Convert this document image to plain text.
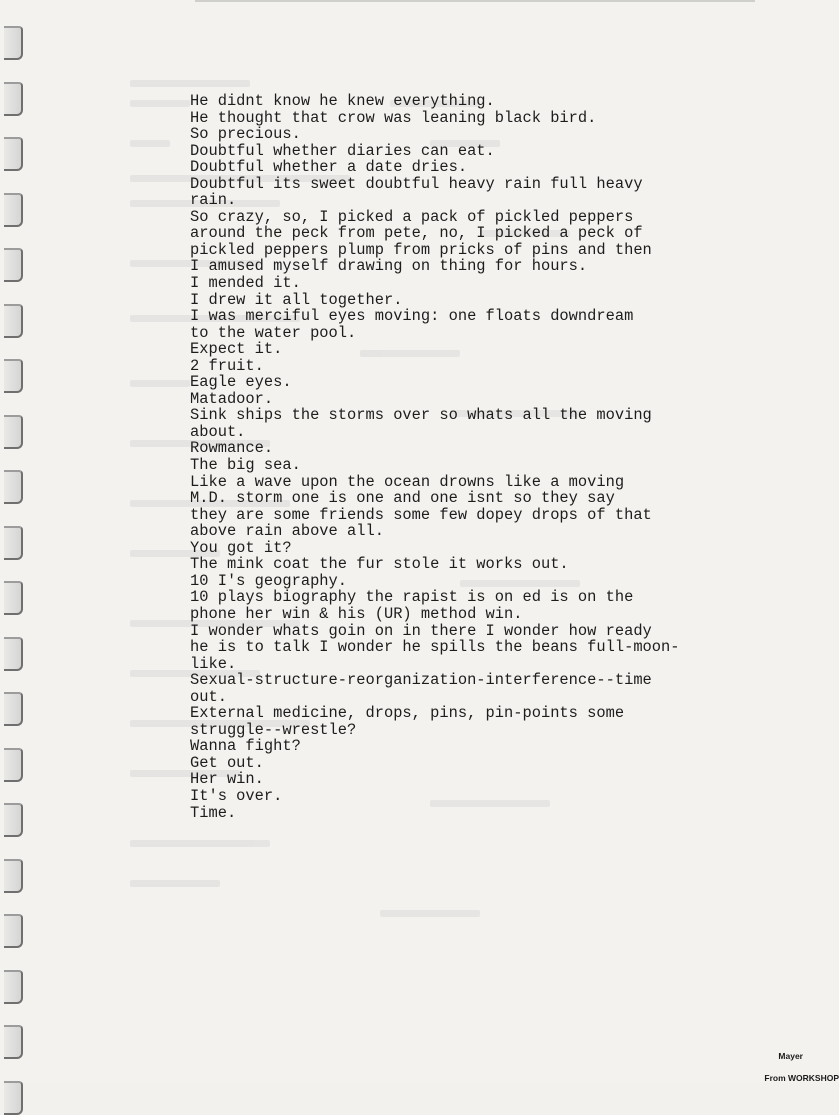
He didnt know he knew everything.
He thought that crow was leaning black bird.
So precious.
Doubtful whether diaries can eat.
Doubtful whether a date dries.
Doubtful its sweet doubtful heavy rain full heavy
rain.
So crazy, so, I picked a pack of pickled peppers
around the peck from pete, no, I picked a peck of
pickled peppers plump from pricks of pins and then
I amused myself drawing on thing for hours.
I mended it.
I drew it all together.
I was merciful eyes moving: one floats downdream
to the water pool.
Expect it.
2 fruit.
Eagle eyes.
Matadoor.
Sink ships the storms over so whats all the moving
about.
Rowmance.
The big sea.
Like a wave upon the ocean drowns like a moving
M.D. storm one is one and one isnt so they say
they are some friends some few dopey drops of that
above rain above all.
You got it?
The mink coat the fur stole it works out.
10 I's geography.
10 plays biography the rapist is on ed is on the
phone her win & his (UR) method win.
I wonder whats goin on in there I wonder how ready
he is to talk I wonder he spills the beans full-moon-
like.
Sexual-structure-reorganization-interference--time
out.
External medicine, drops, pins, pin-points some
struggle--wrestle?
Wanna fight?
Get out.
Her win.
It's over.
Time.
Mayer
From WORKSHOP
